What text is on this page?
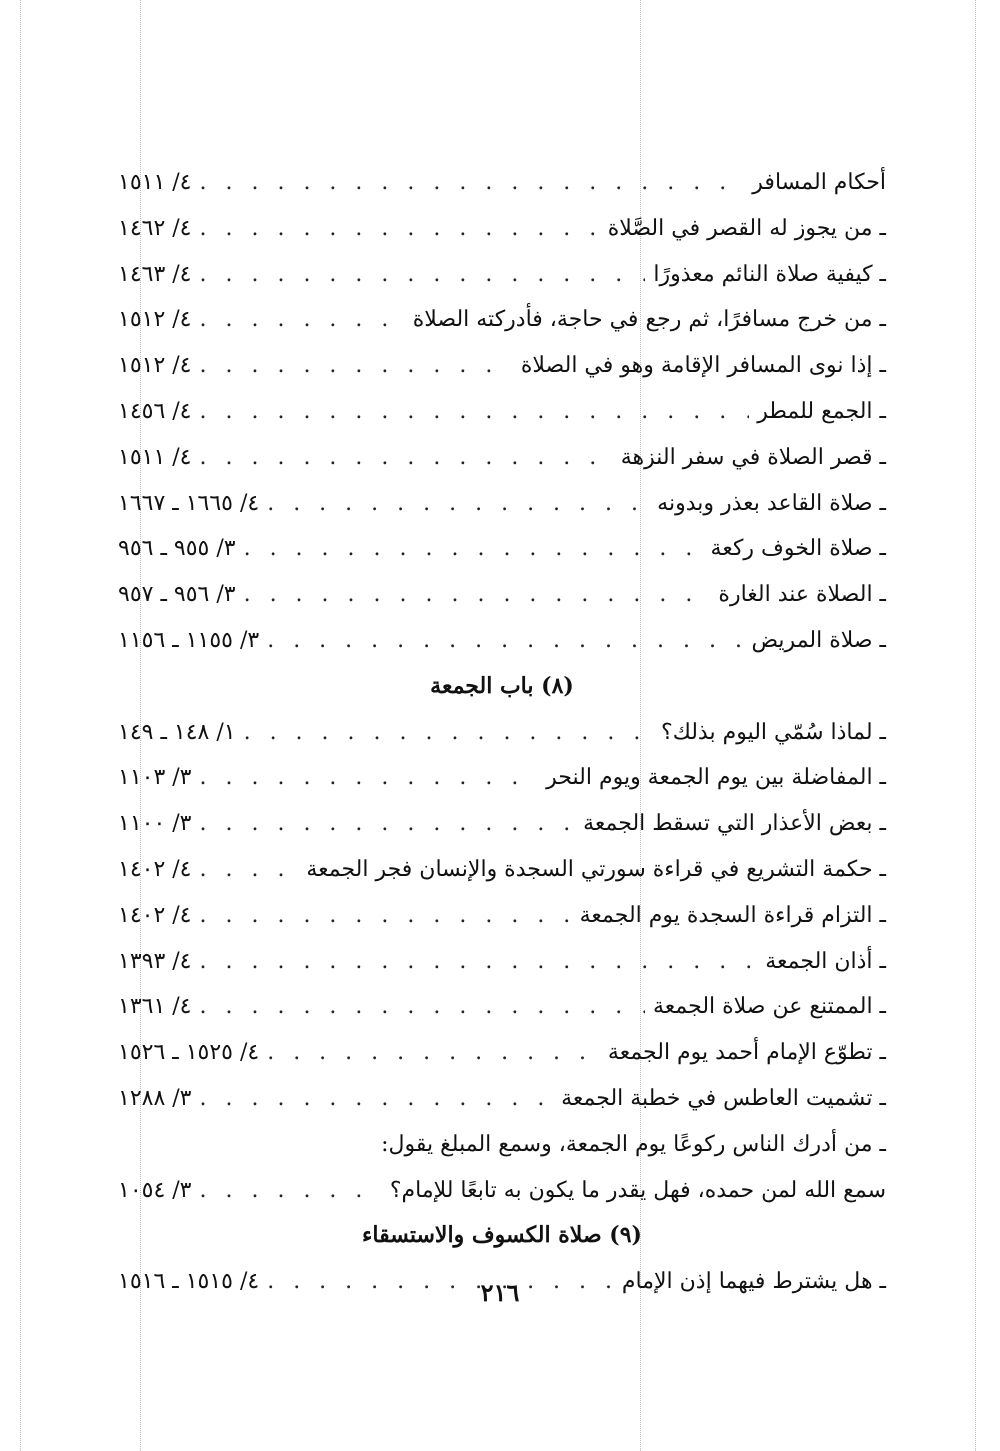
أحكام المسافر
. . .
٤/ ١٥١١
ـ من يجوز له القصر في الصَّلاة
. . .
٤/ ١٤٦٢
ـ كيفية صلاة النائم معذورًا
. . .
٤/ ١٤٦٣
ـ من خرج مسافرًا، ثم رجع في حاجة، فأدركته الصلاة
. . .
٤/ ١٥١٢
ـ إذا نوى المسافر الإقامة وهو في الصلاة
. . .
٤/ ١٥١٢
ـ الجمع للمطر
. . .
٤/ ١٤٥٦
ـ قصر الصلاة في سفر النزهة
. . .
٤/ ١٥١١
ـ صلاة القاعد بعذر وبدونه
. . .
٤/ ١٦٦٥ ـ ١٦٦٧
ـ صلاة الخوف ركعة
. . .
٣/ ٩٥٥ ـ ٩٥٦
ـ الصلاة عند الغارة
. . .
٣/ ٩٥٦ ـ ٩٥٧
ـ صلاة المريض
. . .
٣/ ١١٥٥ ـ ١١٥٦
(٨) باب الجمعة
ـ لماذا سُمّي اليوم بذلك؟
. . .
١/ ١٤٨ ـ ١٤٩
ـ المفاضلة بين يوم الجمعة ويوم النحر
. . .
٣/ ١١٠٣
ـ بعض الأعذار التي تسقط الجمعة
. . .
٣/ ١١٠٠
ـ حكمة التشريع في قراءة سورتي السجدة والإنسان فجر الجمعة
. . .
٤/ ١٤٠٢
ـ التزام قراءة السجدة يوم الجمعة
. . .
٤/ ١٤٠٢
ـ أذان الجمعة
. . .
٤/ ١٣٩٣
ـ الممتنع عن صلاة الجمعة
. . .
٤/ ١٣٦١
ـ تطوّع الإمام أحمد يوم الجمعة
. . .
٤/ ١٥٢٥ ـ ١٥٢٦
ـ تشميت العاطس في خطبة الجمعة
. . .
٣/ ١٢٨٨
ـ من أدرك الناس ركوعًا يوم الجمعة، وسمع المبلغ يقول:
سمع الله لمن حمده، فهل يقدر ما يكون به تابعًا للإمام؟
. . .
٣/ ١٠٥٤
(٩) صلاة الكسوف والاستسقاء
ـ هل يشترط فيهما إذن الإمام
. . .
٤/ ١٥١٥ ـ ١٥١٦	٢١٦
